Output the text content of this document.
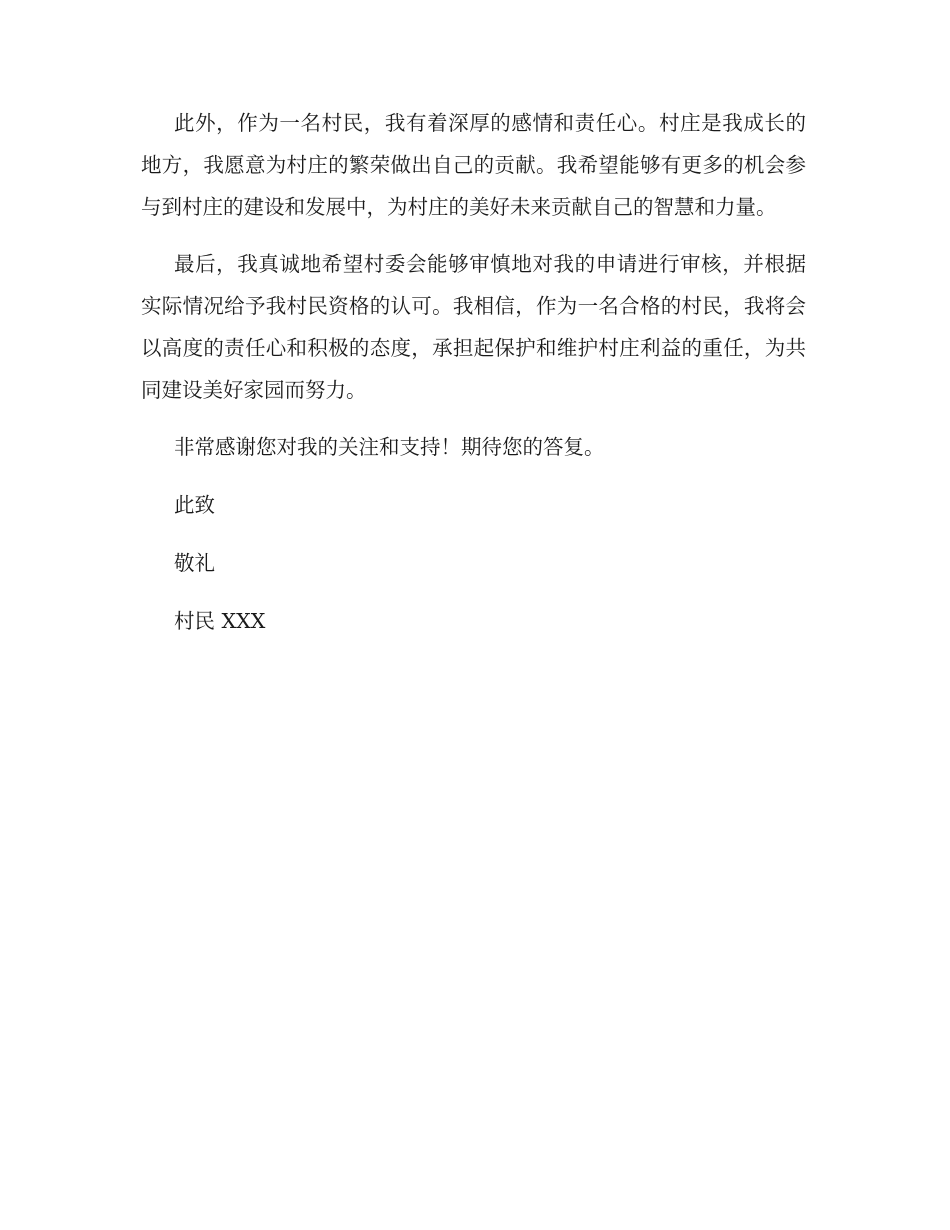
此外，作为一名村民，我有着深厚的感情和责任心。村庄是我成长的地方，我愿意为村庄的繁荣做出自己的贡献。我希望能够有更多的机会参与到村庄的建设和发展中，为村庄的美好未来贡献自己的智慧和力量。

最后，我真诚地希望村委会能够审慎地对我的申请进行审核，并根据实际情况给予我村民资格的认可。我相信，作为一名合格的村民，我将会以高度的责任心和积极的态度，承担起保护和维护村庄利益的重任，为共同建设美好家园而努力。

非常感谢您对我的关注和支持！期待您的答复。

此致

敬礼

村民 XXX
